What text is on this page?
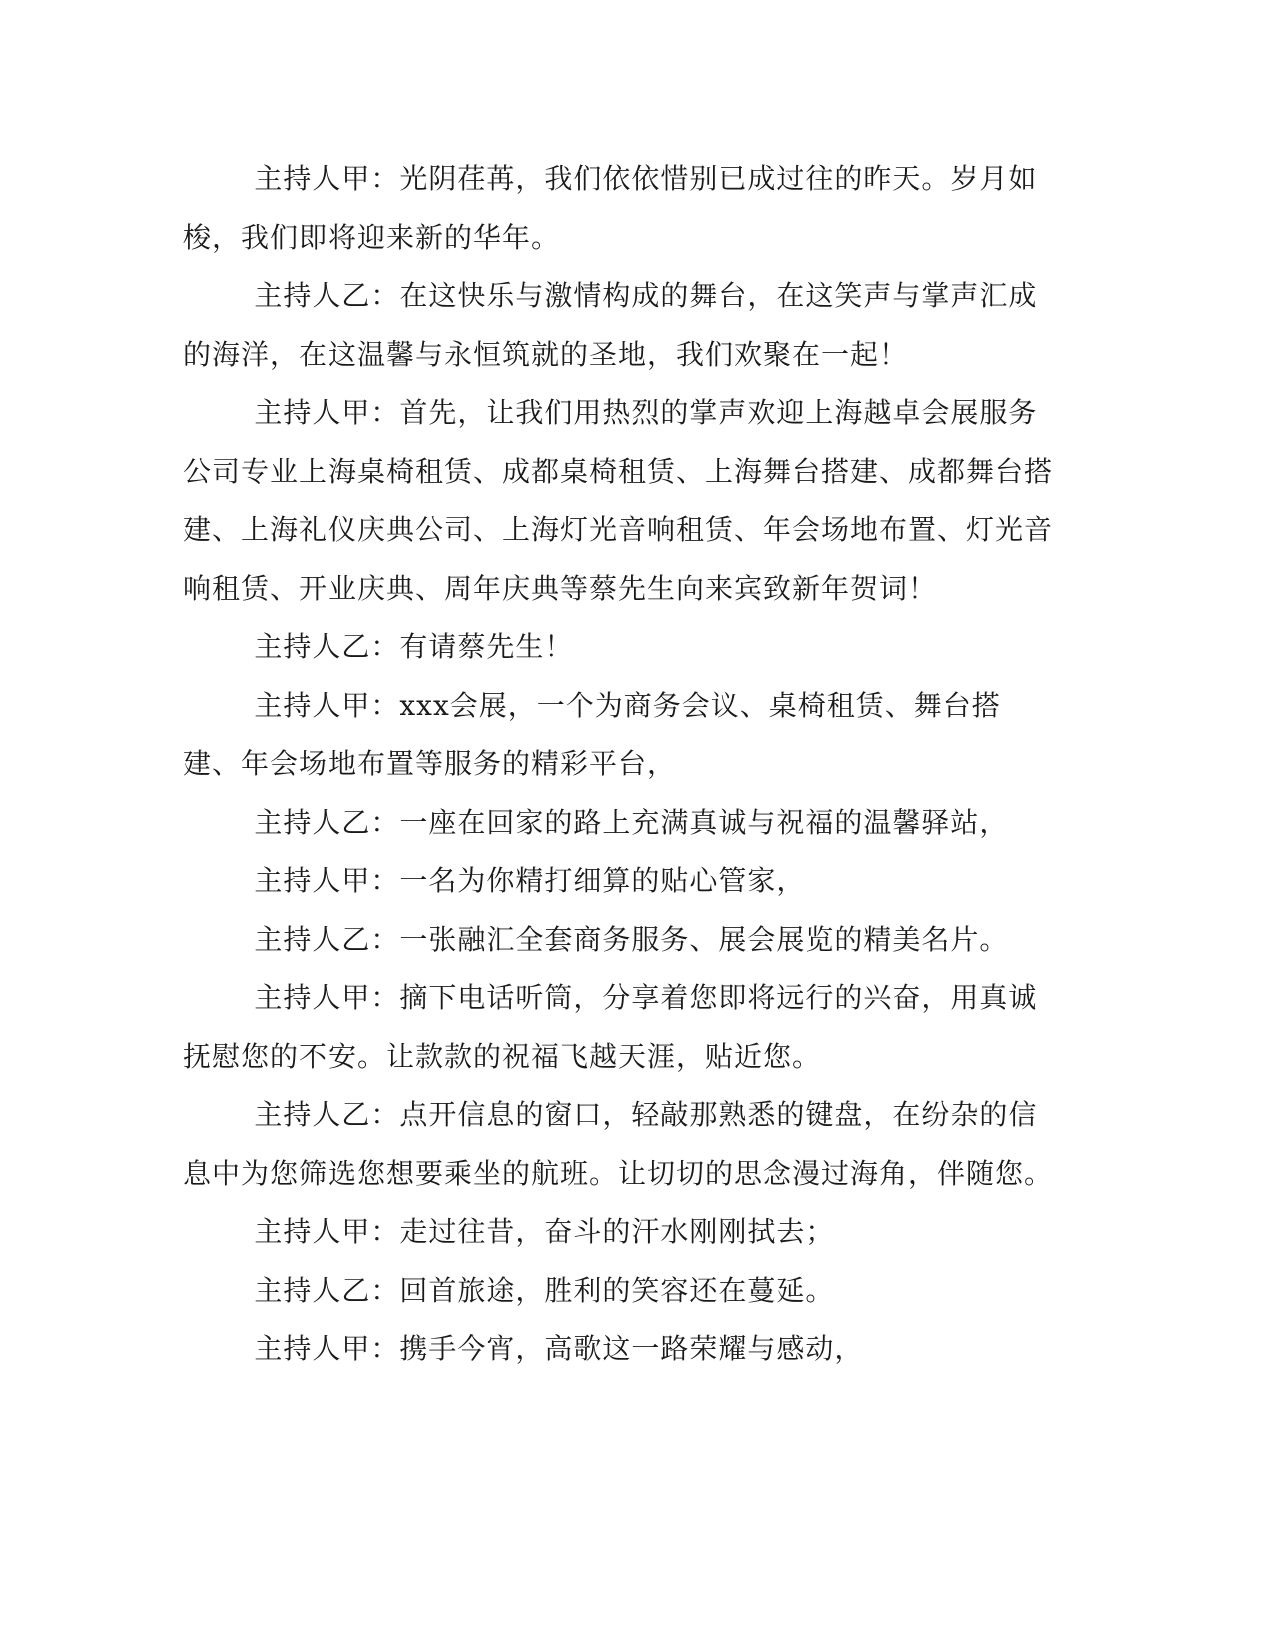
主持人甲：光阴荏苒，我们依依惜别已成过往的昨天。岁月如梭，我们即将迎来新的华年。

主持人乙：在这快乐与激情构成的舞台，在这笑声与掌声汇成的海洋，在这温馨与永恒筑就的圣地，我们欢聚在一起！

主持人甲：首先，让我们用热烈的掌声欢迎上海越卓会展服务公司专业上海桌椅租赁、成都桌椅租赁、上海舞台搭建、成都舞台搭建、上海礼仪庆典公司、上海灯光音响租赁、年会场地布置、灯光音响租赁、开业庆典、周年庆典等蔡先生向来宾致新年贺词！

主持人乙：有请蔡先生！

主持人甲：xxx会展，一个为商务会议、桌椅租赁、舞台搭建、年会场地布置等服务的精彩平台，

主持人乙：一座在回家的路上充满真诚与祝福的温馨驿站，

主持人甲：一名为你精打细算的贴心管家，

主持人乙：一张融汇全套商务服务、展会展览的精美名片。

主持人甲：摘下电话听筒，分享着您即将远行的兴奋，用真诚抚慰您的不安。让款款的祝福飞越天涯，贴近您。

主持人乙：点开信息的窗口，轻敲那熟悉的键盘，在纷杂的信息中为您筛选您想要乘坐的航班。让切切的思念漫过海角，伴随您。

主持人甲：走过往昔，奋斗的汗水刚刚拭去；

主持人乙：回首旅途，胜利的笑容还在蔓延。

主持人甲：携手今宵，高歌这一路荣耀与感动，
